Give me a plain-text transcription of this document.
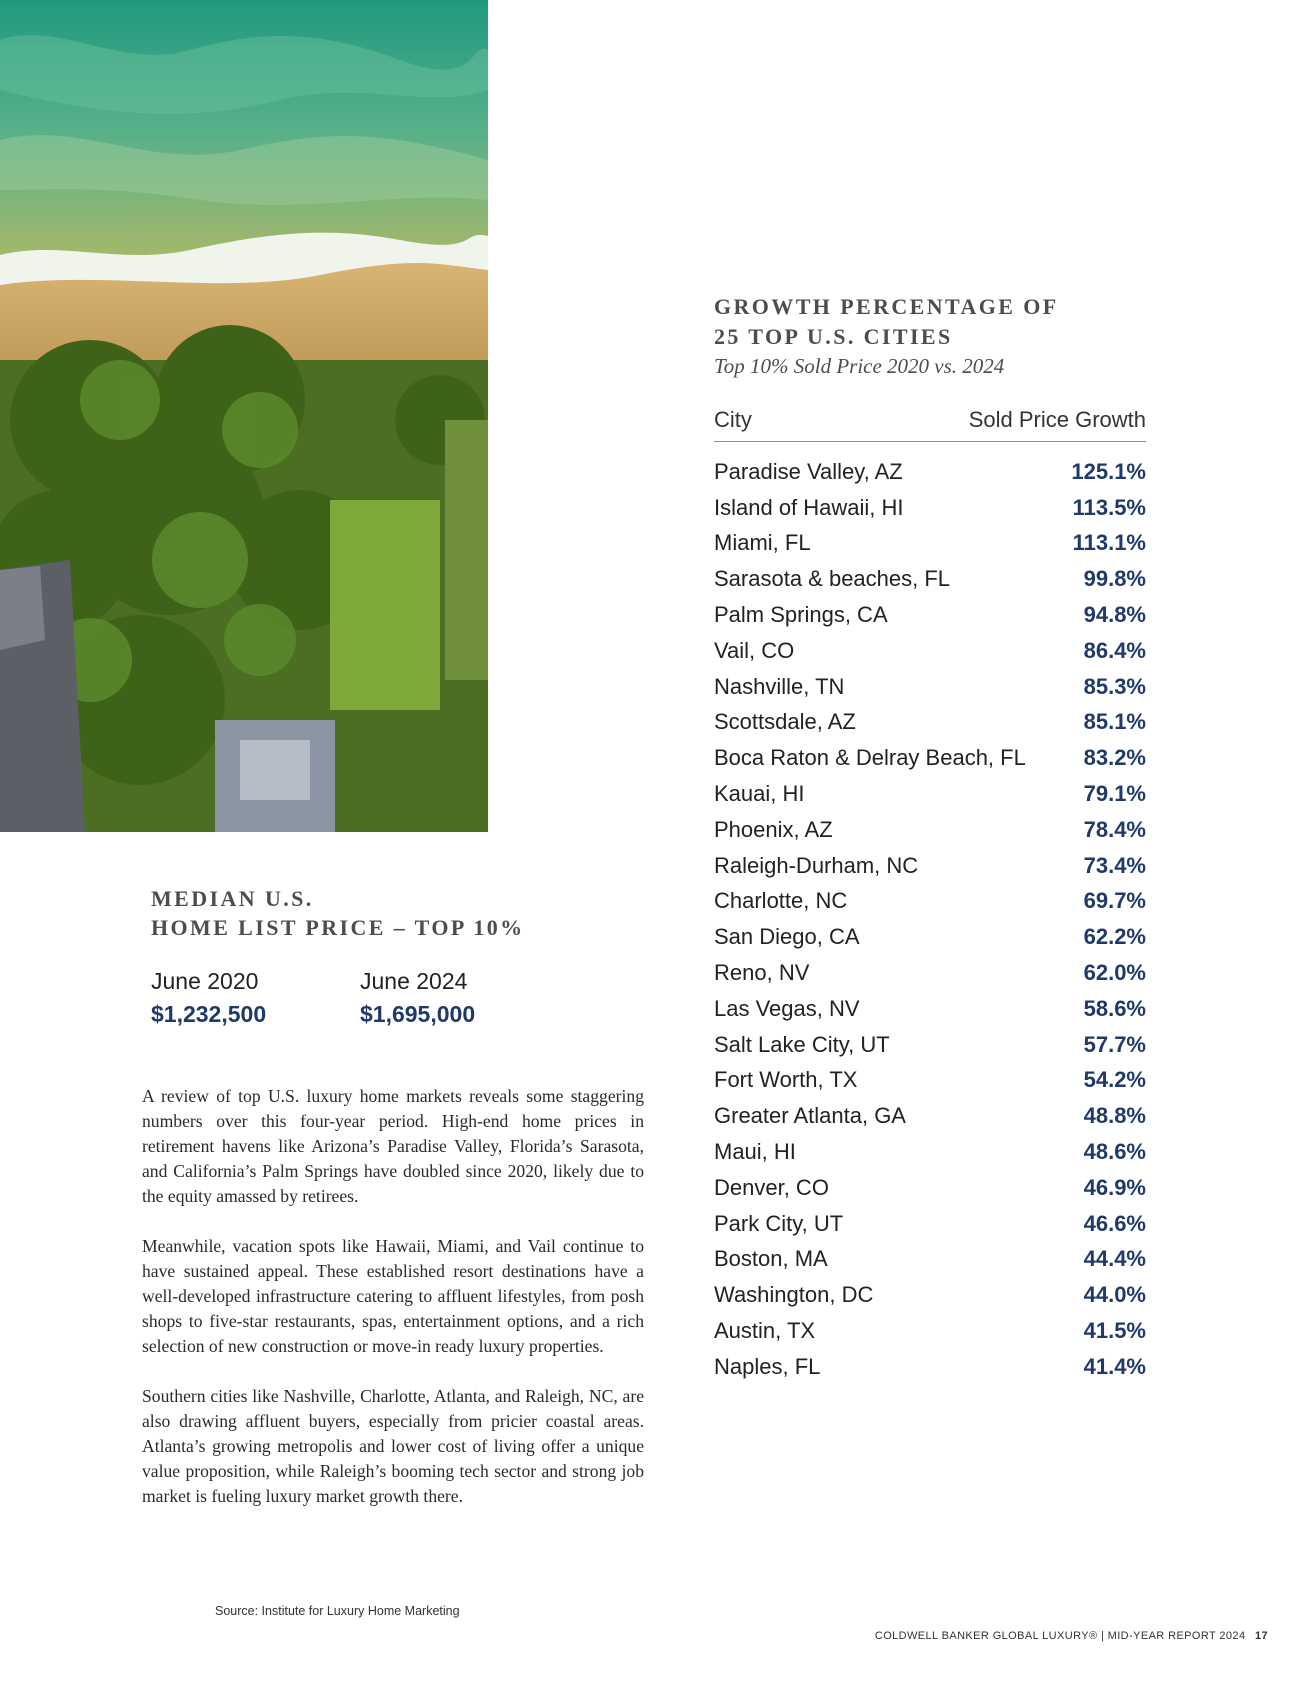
GROWTH PERCENTAGE OF
25 TOP U.S. CITIES
Top 10% Sold Price 2020 vs. 2024
City	Sold Price Growth
Paradise Valley, AZ	125.1%
Island of Hawaii, HI	113.5%
Miami, FL	113.1%
Sarasota & beaches, FL	99.8%
Palm Springs, CA	94.8%
Vail, CO	86.4%
Nashville, TN	85.3%
Scottsdale, AZ	85.1%
Boca Raton & Delray Beach, FL	83.2%
Kauai, HI	79.1%
Phoenix, AZ	78.4%
Raleigh-Durham, NC	73.4%
Charlotte, NC	69.7%
San Diego, CA	62.2%
Reno, NV	62.0%
Las Vegas, NV	58.6%
Salt Lake City, UT	57.7%
Fort Worth, TX	54.2%
Greater Atlanta, GA	48.8%
Maui, HI	48.6%
Denver, CO	46.9%
Park City, UT	46.6%
Boston, MA	44.4%
Washington, DC	44.0%
Austin, TX	41.5%
Naples, FL	41.4%
MEDIAN U.S.
HOME LIST PRICE – TOP 10%
June 2020
$1,232,500
June 2024
$1,695,000

A review of top U.S. luxury home markets reveals some staggering numbers over this four-year period. High-end home prices in retirement havens like Arizona’s Paradise Valley, Florida’s Sarasota, and California’s Palm Springs have doubled since 2020, likely due to the equity amassed by retirees.

Meanwhile, vacation spots like Hawaii, Miami, and Vail continue to have sustained appeal. These established resort destinations have a well-developed infrastructure catering to affluent lifestyles, from posh shops to five-star restaurants, spas, entertainment options, and a rich selection of new construction or move-in ready luxury properties.

Southern cities like Nashville, Charlotte, Atlanta, and Raleigh, NC, are also drawing affluent buyers, especially from pricier coastal areas. Atlanta’s growing metropolis and lower cost of living offer a unique value proposition, while Raleigh’s booming tech sector and strong job market is fueling luxury market growth there.

Source: Institute for Luxury Home Marketing
COLDWELL BANKER GLOBAL LUXURY® | MID-YEAR REPORT 2024 17
